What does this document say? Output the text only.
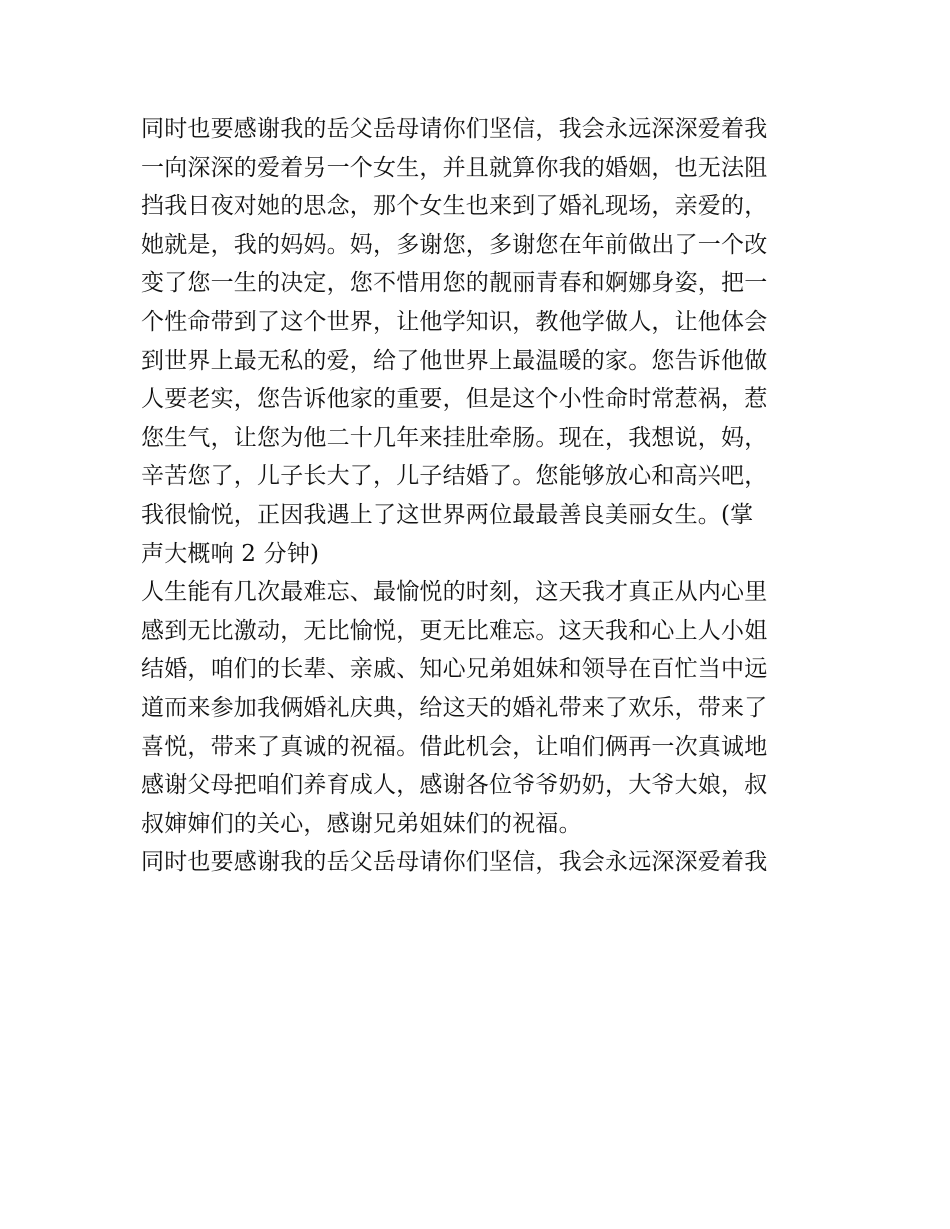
同时也要感谢我的岳父岳母请你们坚信，我会永远深深爱着我
一向深深的爱着另一个女生，并且就算你我的婚姻，也无法阻
挡我日夜对她的思念，那个女生也来到了婚礼现场，亲爱的，
她就是，我的妈妈。妈，多谢您，多谢您在年前做出了一个改
变了您一生的决定，您不惜用您的靓丽青春和婀娜身姿，把一
个性命带到了这个世界，让他学知识，教他学做人，让他体会
到世界上最无私的爱，给了他世界上最温暖的家。您告诉他做
人要老实，您告诉他家的重要，但是这个小性命时常惹祸，惹
您生气，让您为他二十几年来挂肚牵肠。现在，我想说，妈，
辛苦您了，儿子长大了，儿子结婚了。您能够放心和高兴吧，
我很愉悦，正因我遇上了这世界两位最最善良美丽女生。(掌
声大概响 2 分钟)
人生能有几次最难忘、最愉悦的时刻，这天我才真正从内心里
感到无比激动，无比愉悦，更无比难忘。这天我和心上人小姐
结婚，咱们的长辈、亲戚、知心兄弟姐妹和领导在百忙当中远
道而来参加我俩婚礼庆典，给这天的婚礼带来了欢乐，带来了
喜悦，带来了真诚的祝福。借此机会，让咱们俩再一次真诚地
感谢父母把咱们养育成人，感谢各位爷爷奶奶，大爷大娘，叔
叔婶婶们的关心，感谢兄弟姐妹们的祝福。
同时也要感谢我的岳父岳母请你们坚信，我会永远深深爱着我
